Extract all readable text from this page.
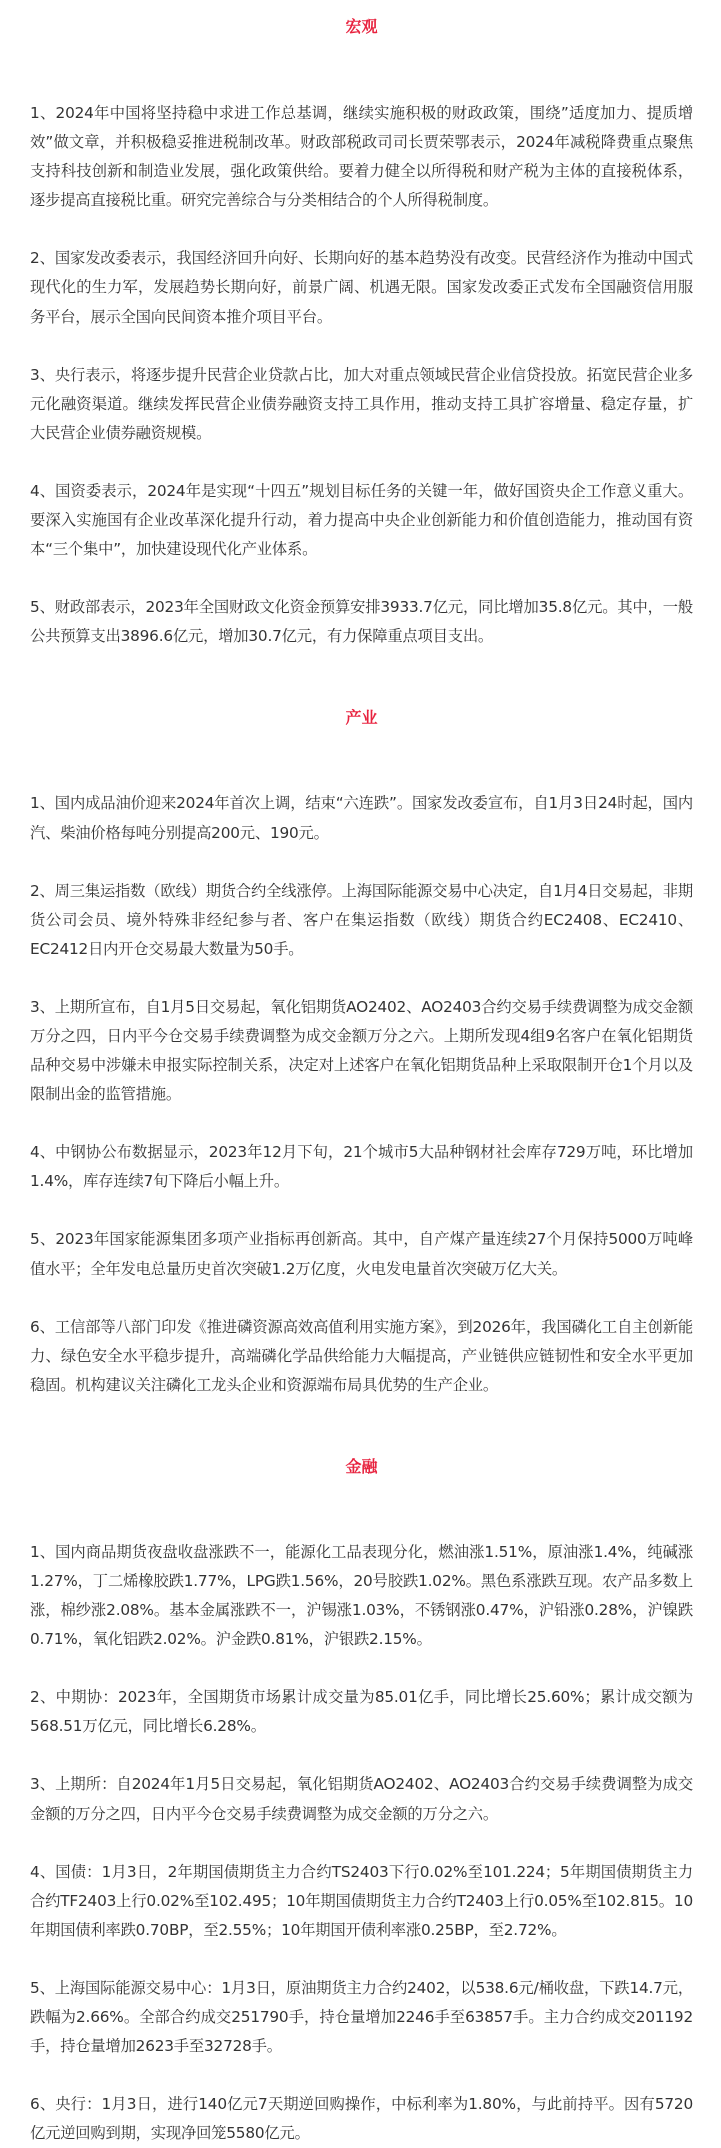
宏观

1、2024年中国将坚持稳中求进工作总基调，继续实施积极的财政政策，围绕”适度加力、提质增效”做文章，并积极稳妥推进税制改革。财政部税政司司长贾荣鄂表示，2024年减税降费重点聚焦支持科技创新和制造业发展，强化政策供给。要着力健全以所得税和财产税为主体的直接税体系，逐步提高直接税比重。研究完善综合与分类相结合的个人所得税制度。

2、国家发改委表示，我国经济回升向好、长期向好的基本趋势没有改变。民营经济作为推动中国式现代化的生力军，发展趋势长期向好，前景广阔、机遇无限。国家发改委正式发布全国融资信用服务平台，展示全国向民间资本推介项目平台。

3、央行表示，将逐步提升民营企业贷款占比，加大对重点领域民营企业信贷投放。拓宽民营企业多元化融资渠道。继续发挥民营企业债券融资支持工具作用，推动支持工具扩容增量、稳定存量，扩大民营企业债券融资规模。

4、国资委表示，2024年是实现“十四五”规划目标任务的关键一年，做好国资央企工作意义重大。要深入实施国有企业改革深化提升行动，着力提高中央企业创新能力和价值创造能力，推动国有资本“三个集中”，加快建设现代化产业体系。

5、财政部表示，2023年全国财政文化资金预算安排3933.7亿元，同比增加35.8亿元。其中，一般公共预算支出3896.6亿元，增加30.7亿元，有力保障重点项目支出。

产业

1、国内成品油价迎来2024年首次上调，结束“六连跌”。国家发改委宣布，自1月3日24时起，国内汽、柴油价格每吨分别提高200元、190元。

2、周三集运指数（欧线）期货合约全线涨停。上海国际能源交易中心决定，自1月4日交易起，非期货公司会员、境外特殊非经纪参与者、客户在集运指数（欧线）期货合约EC2408、EC2410、EC2412日内开仓交易最大数量为50手。

3、上期所宣布，自1月5日交易起，氧化铝期货AO2402、AO2403合约交易手续费调整为成交金额万分之四，日内平今仓交易手续费调整为成交金额万分之六。上期所发现4组9名客户在氧化铝期货品种交易中涉嫌未申报实际控制关系，决定对上述客户在氧化铝期货品种上采取限制开仓1个月以及限制出金的监管措施。

4、中钢协公布数据显示，2023年12月下旬，21个城市5大品种钢材社会库存729万吨，环比增加1.4%，库存连续7旬下降后小幅上升。

5、2023年国家能源集团多项产业指标再创新高。其中，自产煤产量连续27个月保持5000万吨峰值水平；全年发电总量历史首次突破1.2万亿度，火电发电量首次突破万亿大关。

6、工信部等八部门印发《推进磷资源高效高值利用实施方案》，到2026年，我国磷化工自主创新能力、绿色安全水平稳步提升，高端磷化学品供给能力大幅提高，产业链供应链韧性和安全水平更加稳固。机构建议关注磷化工龙头企业和资源端布局具优势的生产企业。

金融

1、国内商品期货夜盘收盘涨跌不一，能源化工品表现分化，燃油涨1.51%，原油涨1.4%，纯碱涨1.27%，丁二烯橡胶跌1.77%，LPG跌1.56%，20号胶跌1.02%。黑色系涨跌互现。农产品多数上涨，棉纱涨2.08%。基本金属涨跌不一，沪锡涨1.03%，不锈钢涨0.47%，沪铅涨0.28%，沪镍跌0.71%，氧化铝跌2.02%。沪金跌0.81%，沪银跌2.15%。

2、中期协：2023年，全国期货市场累计成交量为85.01亿手，同比增长25.60%；累计成交额为568.51万亿元，同比增长6.28%。

3、上期所：自2024年1月5日交易起，氧化铝期货AO2402、AO2403合约交易手续费调整为成交金额的万分之四，日内平今仓交易手续费调整为成交金额的万分之六。

4、国债：1月3日，2年期国债期货主力合约TS2403下行0.02%至101.224；5年期国债期货主力合约TF2403上行0.02%至102.495；10年期国债期货主力合约T2403上行0.05%至102.815。10年期国债利率跌0.70BP，至2.55%；10年期国开债利率涨0.25BP，至2.72%。

5、上海国际能源交易中心：1月3日，原油期货主力合约2402，以538.6元/桶收盘，下跌14.7元，跌幅为2.66%。全部合约成交251790手，持仓量增加2246手至63857手。主力合约成交201192手，持仓量增加2623手至32728手。

6、央行：1月3日，进行140亿元7天期逆回购操作，中标利率为1.80%，与此前持平。因有5720亿元逆回购到期，实现净回笼5580亿元。
